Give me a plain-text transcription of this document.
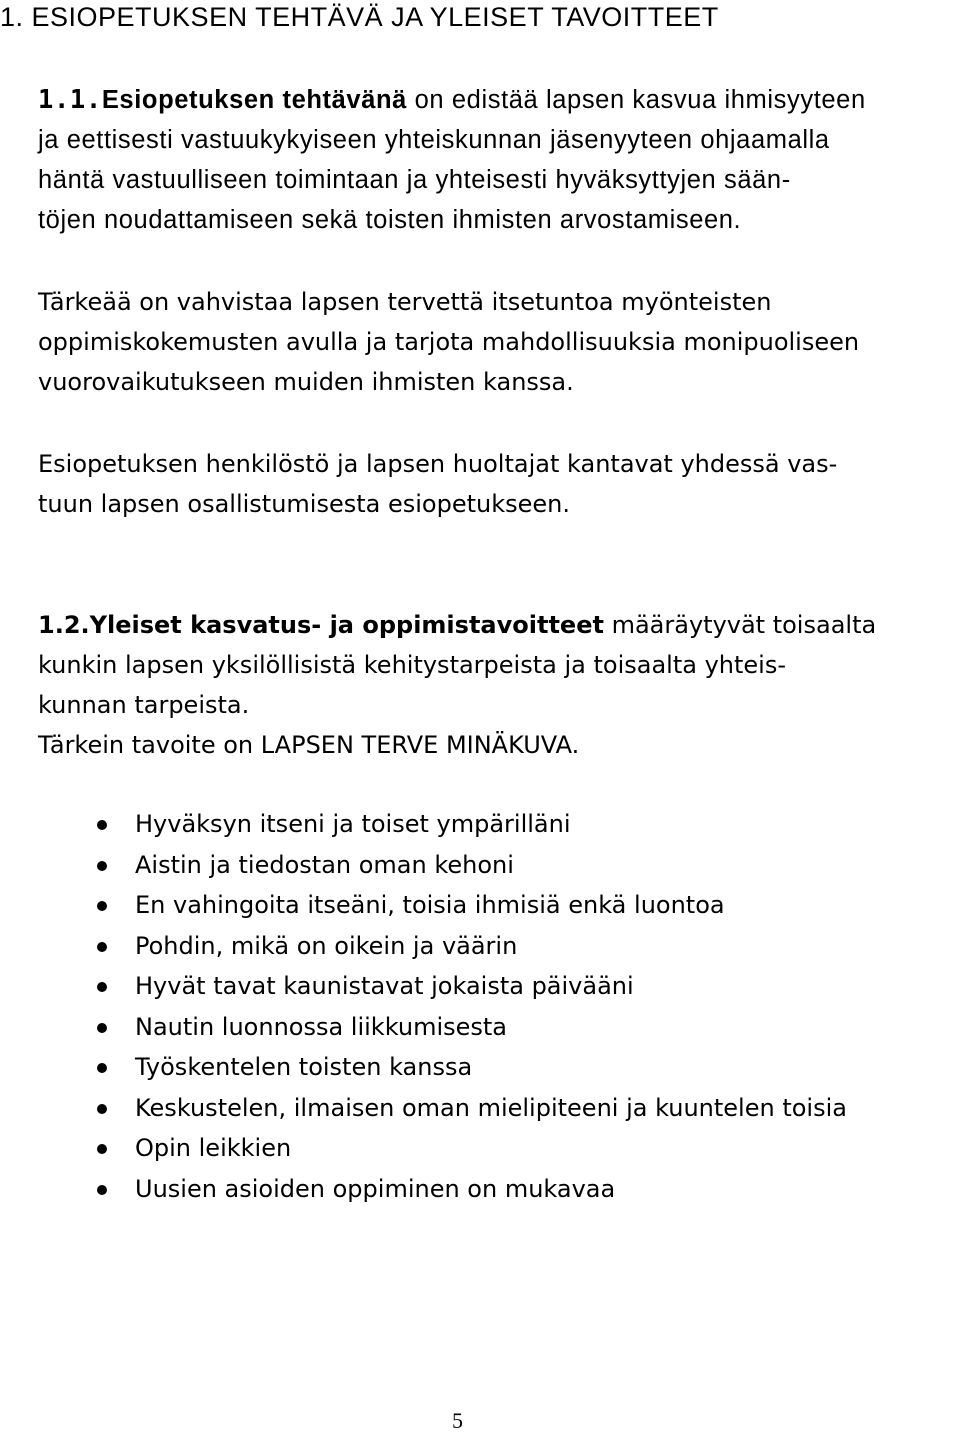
1. ESIOPETUKSEN TEHTÄVÄ JA YLEISET TAVOITTEET
1.1.Esiopetuksen tehtävänä on edistää lapsen kasvua ihmisyyteen
ja eettisesti vastuukykyiseen yhteiskunnan jäsenyyteen ohjaamalla
häntä vastuulliseen toimintaan ja yhteisesti hyväksyttyjen sään-
töjen noudattamiseen sekä toisten ihmisten arvostamiseen.
Tärkeää on vahvistaa lapsen tervettä itsetuntoa myönteisten
oppimiskokemusten avulla ja tarjota mahdollisuuksia monipuoliseen
vuorovaikutukseen muiden ihmisten kanssa.
Esiopetuksen henkilöstö ja lapsen huoltajat kantavat yhdessä vas-
tuun lapsen osallistumisesta esiopetukseen.
1.2.Yleiset kasvatus- ja oppimistavoitteet määräytyvät toisaalta
kunkin lapsen yksilöllisistä kehitystarpeista ja toisaalta yhteis-
kunnan tarpeista.
Tärkein tavoite on LAPSEN TERVE MINÄKUVA.
Hyväksyn itseni ja toiset ympärilläni
Aistin ja tiedostan oman kehoni
En vahingoita itseäni, toisia ihmisiä enkä luontoa
Pohdin, mikä on oikein ja väärin
Hyvät tavat kaunistavat jokaista päivääni
Nautin luonnossa liikkumisesta
Työskentelen toisten kanssa
Keskustelen, ilmaisen oman mielipiteeni ja kuuntelen toisia
Opin leikkien
Uusien asioiden oppiminen on mukavaa
5
